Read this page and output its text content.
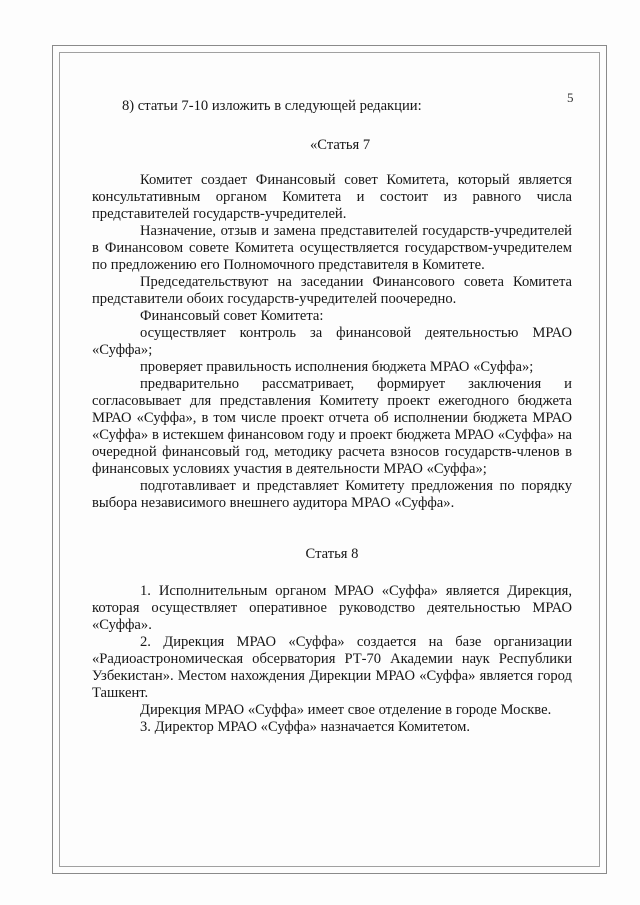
5

8) статьи 7-10 изложить в следующей редакции:

«Статья 7

Комитет создает Финансовый совет Комитета, который является консультативным органом Комитета и состоит из равного числа представителей государств-учредителей.

Назначение, отзыв и замена представителей государств-учредителей в Финансовом совете Комитета осуществляется государством-учредителем по предложению его Полномочного представителя в Комитете.

Председательствуют на заседании Финансового совета Комитета представители обоих государств-учредителей поочередно.

Финансовый совет Комитета:

осуществляет контроль за финансовой деятельностью МРАО «Суффа»;

проверяет правильность исполнения бюджета МРАО «Суффа»;

предварительно рассматривает, формирует заключения и согласовывает для представления Комитету проект ежегодного бюджета МРАО «Суффа», в том числе проект отчета об исполнении бюджета МРАО «Суффа» в истекшем финансовом году и проект бюджета МРАО «Суффа» на очередной финансовый год, методику расчета взносов государств-членов в финансовых условиях участия в деятельности МРАО «Суффа»;

подготавливает и представляет Комитету предложения по порядку выбора независимого внешнего аудитора МРАО «Суффа».

Статья 8

1. Исполнительным органом МРАО «Суффа» является Дирекция, которая осуществляет оперативное руководство деятельностью МРАО «Суффа».

2. Дирекция МРАО «Суффа» создается на базе организации «Радиоастрономическая обсерватория РТ-70 Академии наук Республики Узбекистан». Местом нахождения Дирекции МРАО «Суффа» является город Ташкент.

Дирекция МРАО «Суффа» имеет свое отделение в городе Москве.

3. Директор МРАО «Суффа» назначается Комитетом.
